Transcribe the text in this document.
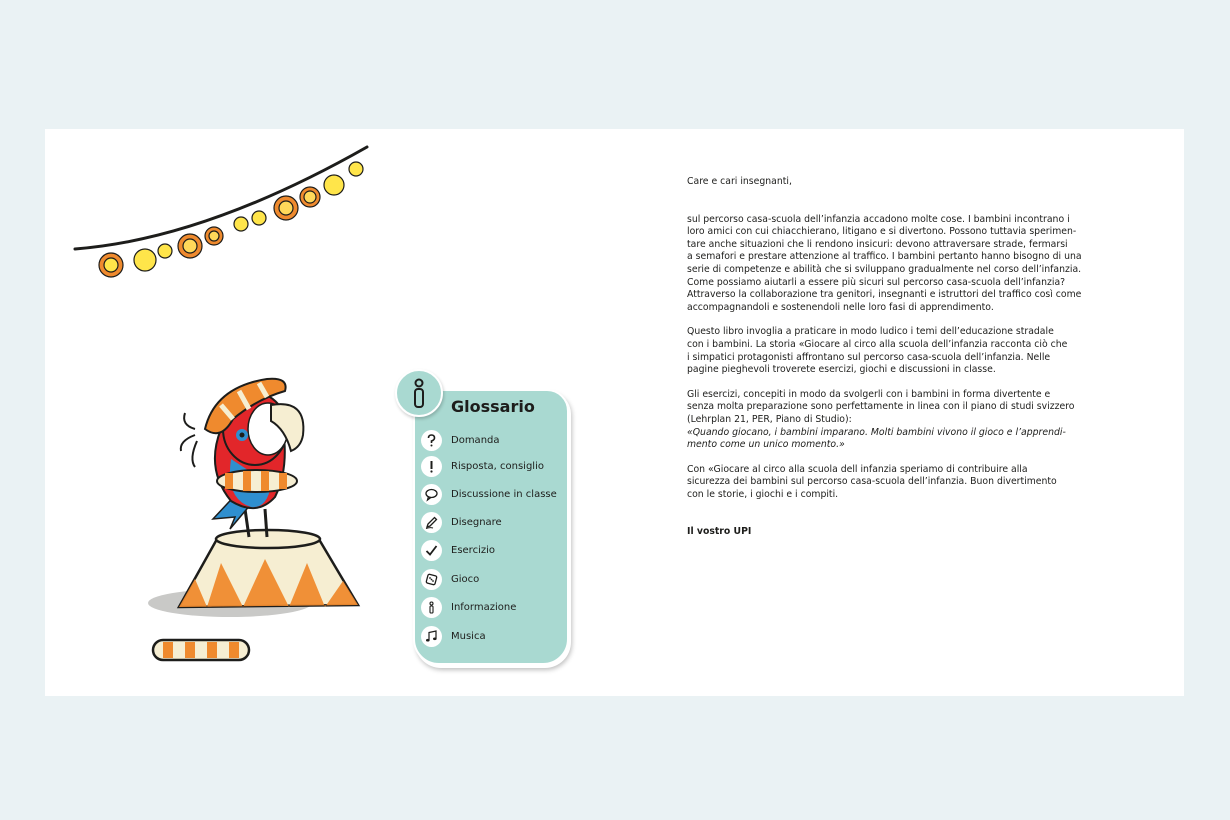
Glossario
Domanda
Risposta, consiglio
Discussione in classe
Disegnare
Esercizio
Gioco
Informazione
Musica

Care e cari insegnanti,

sul percorso casa-scuola dell’infanzia accadono molte cose. I bambini incontrano i
loro amici con cui chiacchierano, litigano e si divertono. Possono tuttavia sperimen-
tare anche situazioni che li rendono insicuri: devono attraversare strade, fermarsi
a semafori e prestare attenzione al traffico. I bambini pertanto hanno bisogno di una
serie di competenze e abilità che si sviluppano gradualmente nel corso dell’infanzia.
Come possiamo aiutarli a essere più sicuri sul percorso casa-scuola dell’infanzia?
Attraverso la collaborazione tra genitori, insegnanti e istruttori del traffico così come
accompagnandoli e sostenendoli nelle loro fasi di apprendimento.

Questo libro invoglia a praticare in modo ludico i temi dell’educazione stradale
con i bambini. La storia «Giocare al circo alla scuola dell’infanzia racconta ciò che
i simpatici protagonisti affrontano sul percorso casa-scuola dell’infanzia. Nelle
pagine pieghevoli troverete esercizi, giochi e discussioni in classe.

Gli esercizi, concepiti in modo da svolgerli con i bambini in forma divertente e
senza molta preparazione sono perfettamente in linea con il piano di studi svizzero
(Lehrplan 21, PER, Piano di Studio):
«Quando giocano, i bambini imparano. Molti bambini vivono il gioco e l’apprendi-
mento come un unico momento.»

Con «Giocare al circo alla scuola dell infanzia speriamo di contribuire alla
sicurezza dei bambini sul percorso casa-scuola dell’infanzia. Buon divertimento
con le storie, i giochi e i compiti.

Il vostro UPI
